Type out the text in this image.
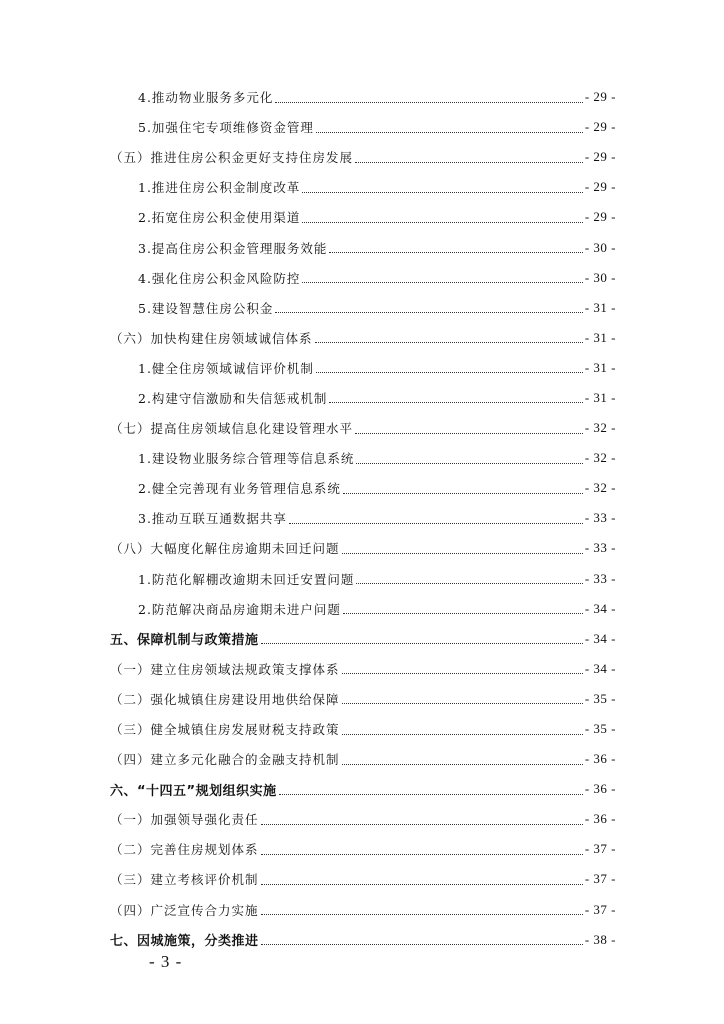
4.推动物业服务多元化	- 29 -
5.加强住宅专项维修资金管理	- 29 -
（五）推进住房公积金更好支持住房发展	- 29 -
1.推进住房公积金制度改革	- 29 -
2.拓宽住房公积金使用渠道	- 29 -
3.提高住房公积金管理服务效能	- 30 -
4.强化住房公积金风险防控	- 30 -
5.建设智慧住房公积金	- 31 -
（六）加快构建住房领域诚信体系	- 31 -
1.健全住房领域诚信评价机制	- 31 -
2.构建守信激励和失信惩戒机制	- 31 -
（七）提高住房领域信息化建设管理水平	- 32 -
1.建设物业服务综合管理等信息系统	- 32 -
2.健全完善现有业务管理信息系统	- 32 -
3.推动互联互通数据共享	- 33 -
（八）大幅度化解住房逾期未回迁问题	- 33 -
1.防范化解棚改逾期未回迁安置问题	- 33 -
2.防范解决商品房逾期未进户问题	- 34 -
五、保障机制与政策措施	- 34 -
（一）建立住房领域法规政策支撑体系	- 34 -
（二）强化城镇住房建设用地供给保障	- 35 -
（三）健全城镇住房发展财税支持政策	- 35 -
（四）建立多元化融合的金融支持机制	- 36 -
六、“十四五”规划组织实施	- 36 -
（一）加强领导强化责任	- 36 -
（二）完善住房规划体系	- 37 -
（三）建立考核评价机制	- 37 -
（四）广泛宣传合力实施	- 37 -
七、因城施策，分类推进	- 38 -
- 3 -
